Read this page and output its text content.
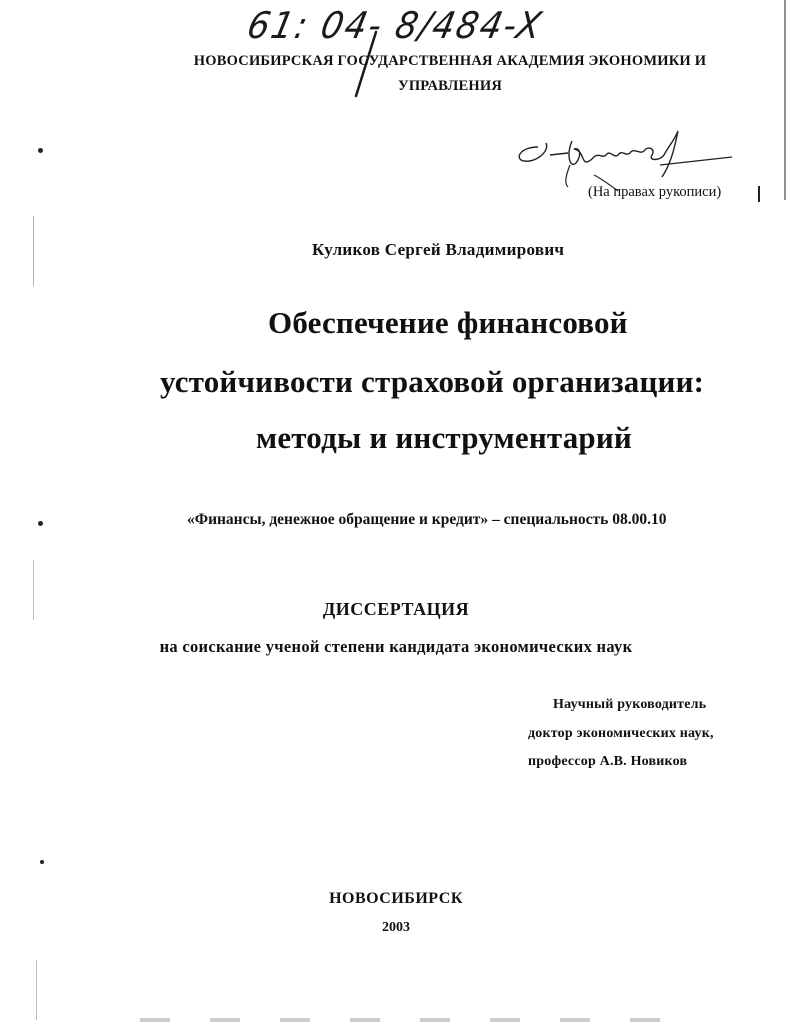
61: 04- 8/484-X
НОВОСИБИРСКАЯ ГОСУДАРСТВЕННАЯ АКАДЕМИЯ ЭКОНОМИКИ И
УПРАВЛЕНИЯ
(На правах рукописи)
Куликов Сергей Владимирович
Обеспечение финансовой
устойчивости страховой организации:
методы и инструментарий
«Финансы, денежное обращение и кредит» – специальность 08.00.10
ДИССЕРТАЦИЯ
на соискание ученой степени кандидата экономических наук
Научный руководитель
доктор экономических наук,
профессор А.В. Новиков
НОВОСИБИРСК
2003
